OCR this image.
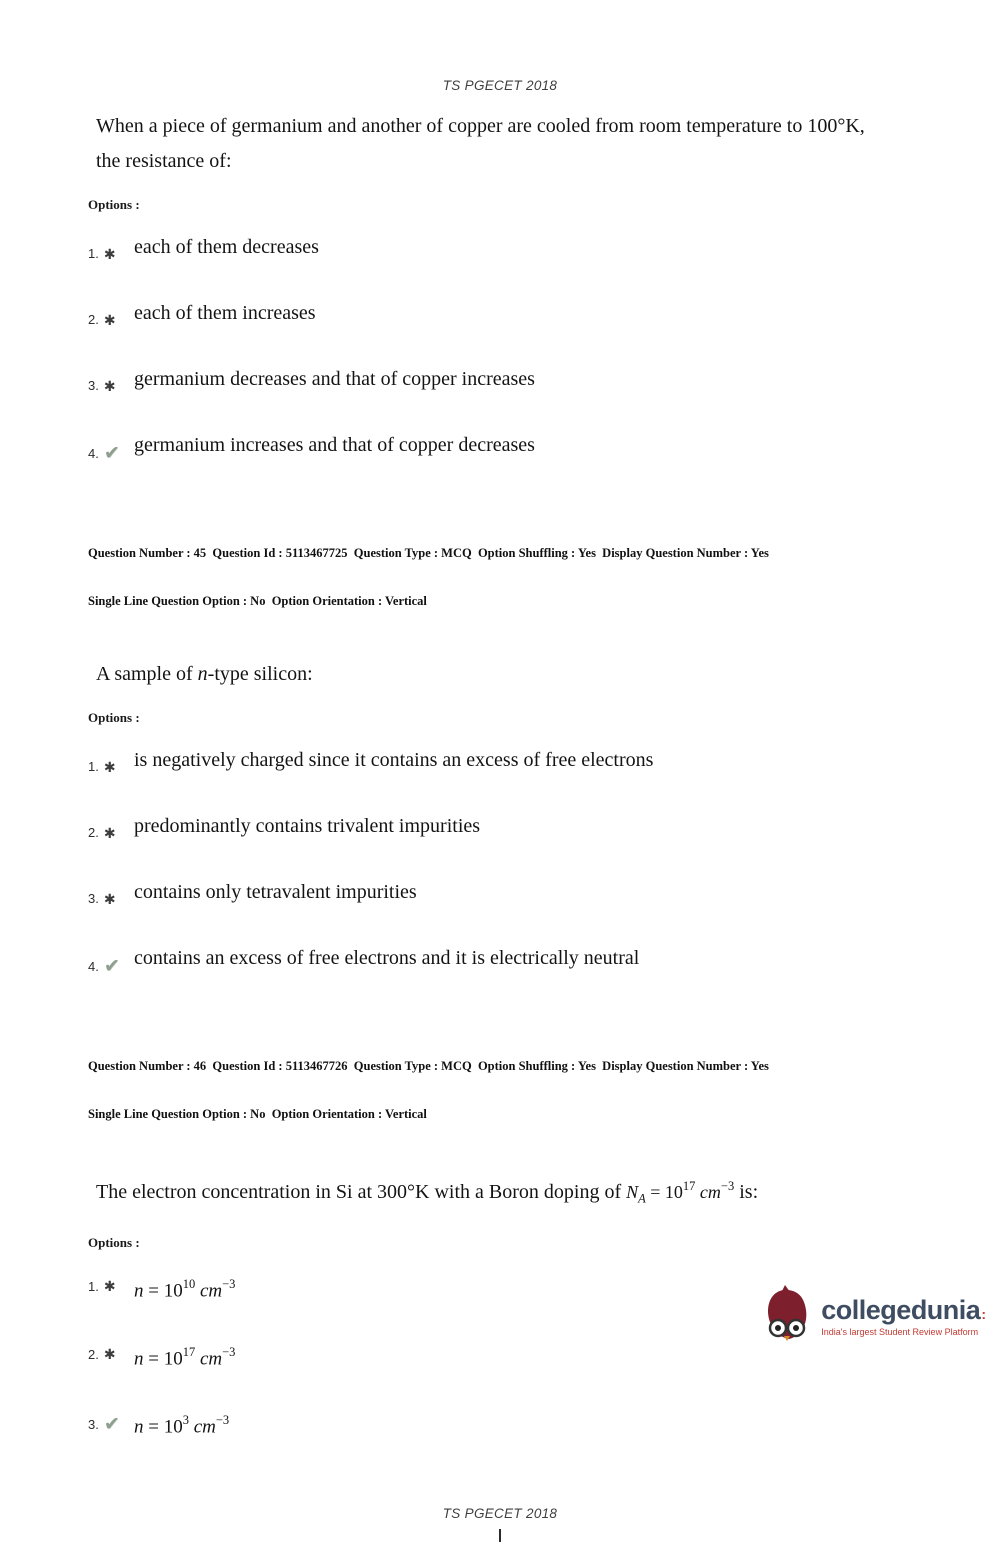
TS PGECET 2018

When a piece of germanium and another of copper are cooled from room temperature to 100°K,
the resistance of:

Options :
1. ✱ each of them decreases
2. ✱ each of them increases
3. ✱ germanium decreases and that of copper increases
4. ✔ germanium increases and that of copper decreases

Question Number : 45  Question Id : 5113467725  Question Type : MCQ  Option Shuffling : Yes  Display Question Number : Yes

Single Line Question Option : No  Option Orientation : Vertical

A sample of n-type silicon:

Options :
1. ✱ is negatively charged since it contains an excess of free electrons
2. ✱ predominantly contains trivalent impurities
3. ✱ contains only tetravalent impurities
4. ✔ contains an excess of free electrons and it is electrically neutral

Question Number : 46  Question Id : 5113467726  Question Type : MCQ  Option Shuffling : Yes  Display Question Number : Yes

Single Line Question Option : No  Option Orientation : Vertical

The electron concentration in Si at 300°K with a Boron doping of $N_A = 10^{17}$ $cm^{-3}$ is:

Options :
1. ✱ $n = 10^{10}$ $cm^{-3}$
2. ✱ $n = 10^{17}$ $cm^{-3}$
3. ✔ $n = 10^3$ $cm^{-3}$
TS PGECET 2018
collegedunia :
India's largest Student Review Platform
